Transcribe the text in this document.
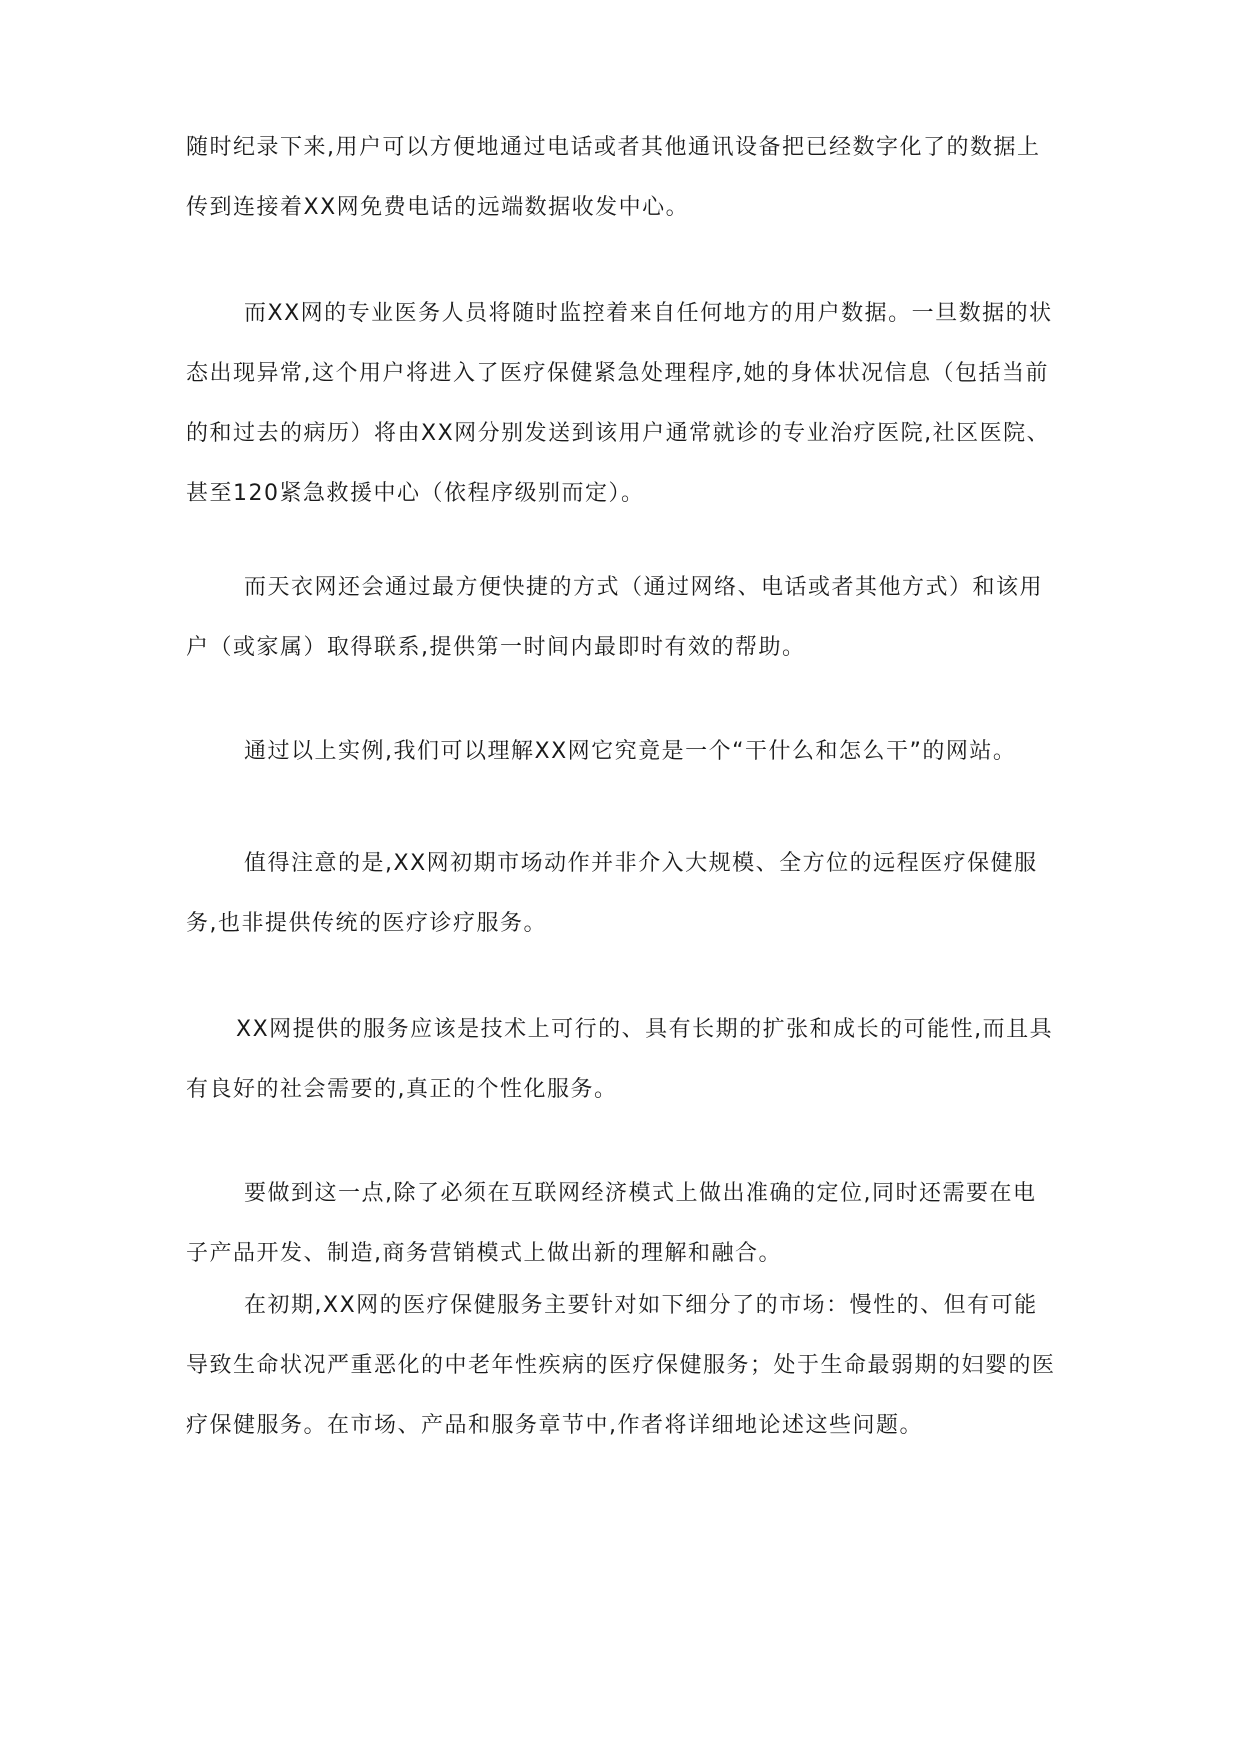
随时纪录下来,用户可以方便地通过电话或者其他通讯设备把已经数字化了的数据上传到连接着XX网免费电话的远端数据收发中心。

而XX网的专业医务人员将随时监控着来自任何地方的用户数据。一旦数据的状态出现异常,这个用户将进入了医疗保健紧急处理程序,她的身体状况信息（包括当前的和过去的病历）将由XX网分别发送到该用户通常就诊的专业治疗医院,社区医院、甚至120紧急救援中心（依程序级别而定）。

而天衣网还会通过最方便快捷的方式（通过网络、电话或者其他方式）和该用户（或家属）取得联系,提供第一时间内最即时有效的帮助。

通过以上实例,我们可以理解XX网它究竟是一个“干什么和怎么干”的网站。

值得注意的是,XX网初期市场动作并非介入大规模、全方位的远程医疗保健服务,也非提供传统的医疗诊疗服务。

XX网提供的服务应该是技术上可行的、具有长期的扩张和成长的可能性,而且具有良好的社会需要的,真正的个性化服务。

要做到这一点,除了必须在互联网经济模式上做出准确的定位,同时还需要在电子产品开发、制造,商务营销模式上做出新的理解和融合。

在初期,XX网的医疗保健服务主要针对如下细分了的市场：慢性的、但有可能导致生命状况严重恶化的中老年性疾病的医疗保健服务；处于生命最弱期的妇婴的医疗保健服务。在市场、产品和服务章节中,作者将详细地论述这些问题。
